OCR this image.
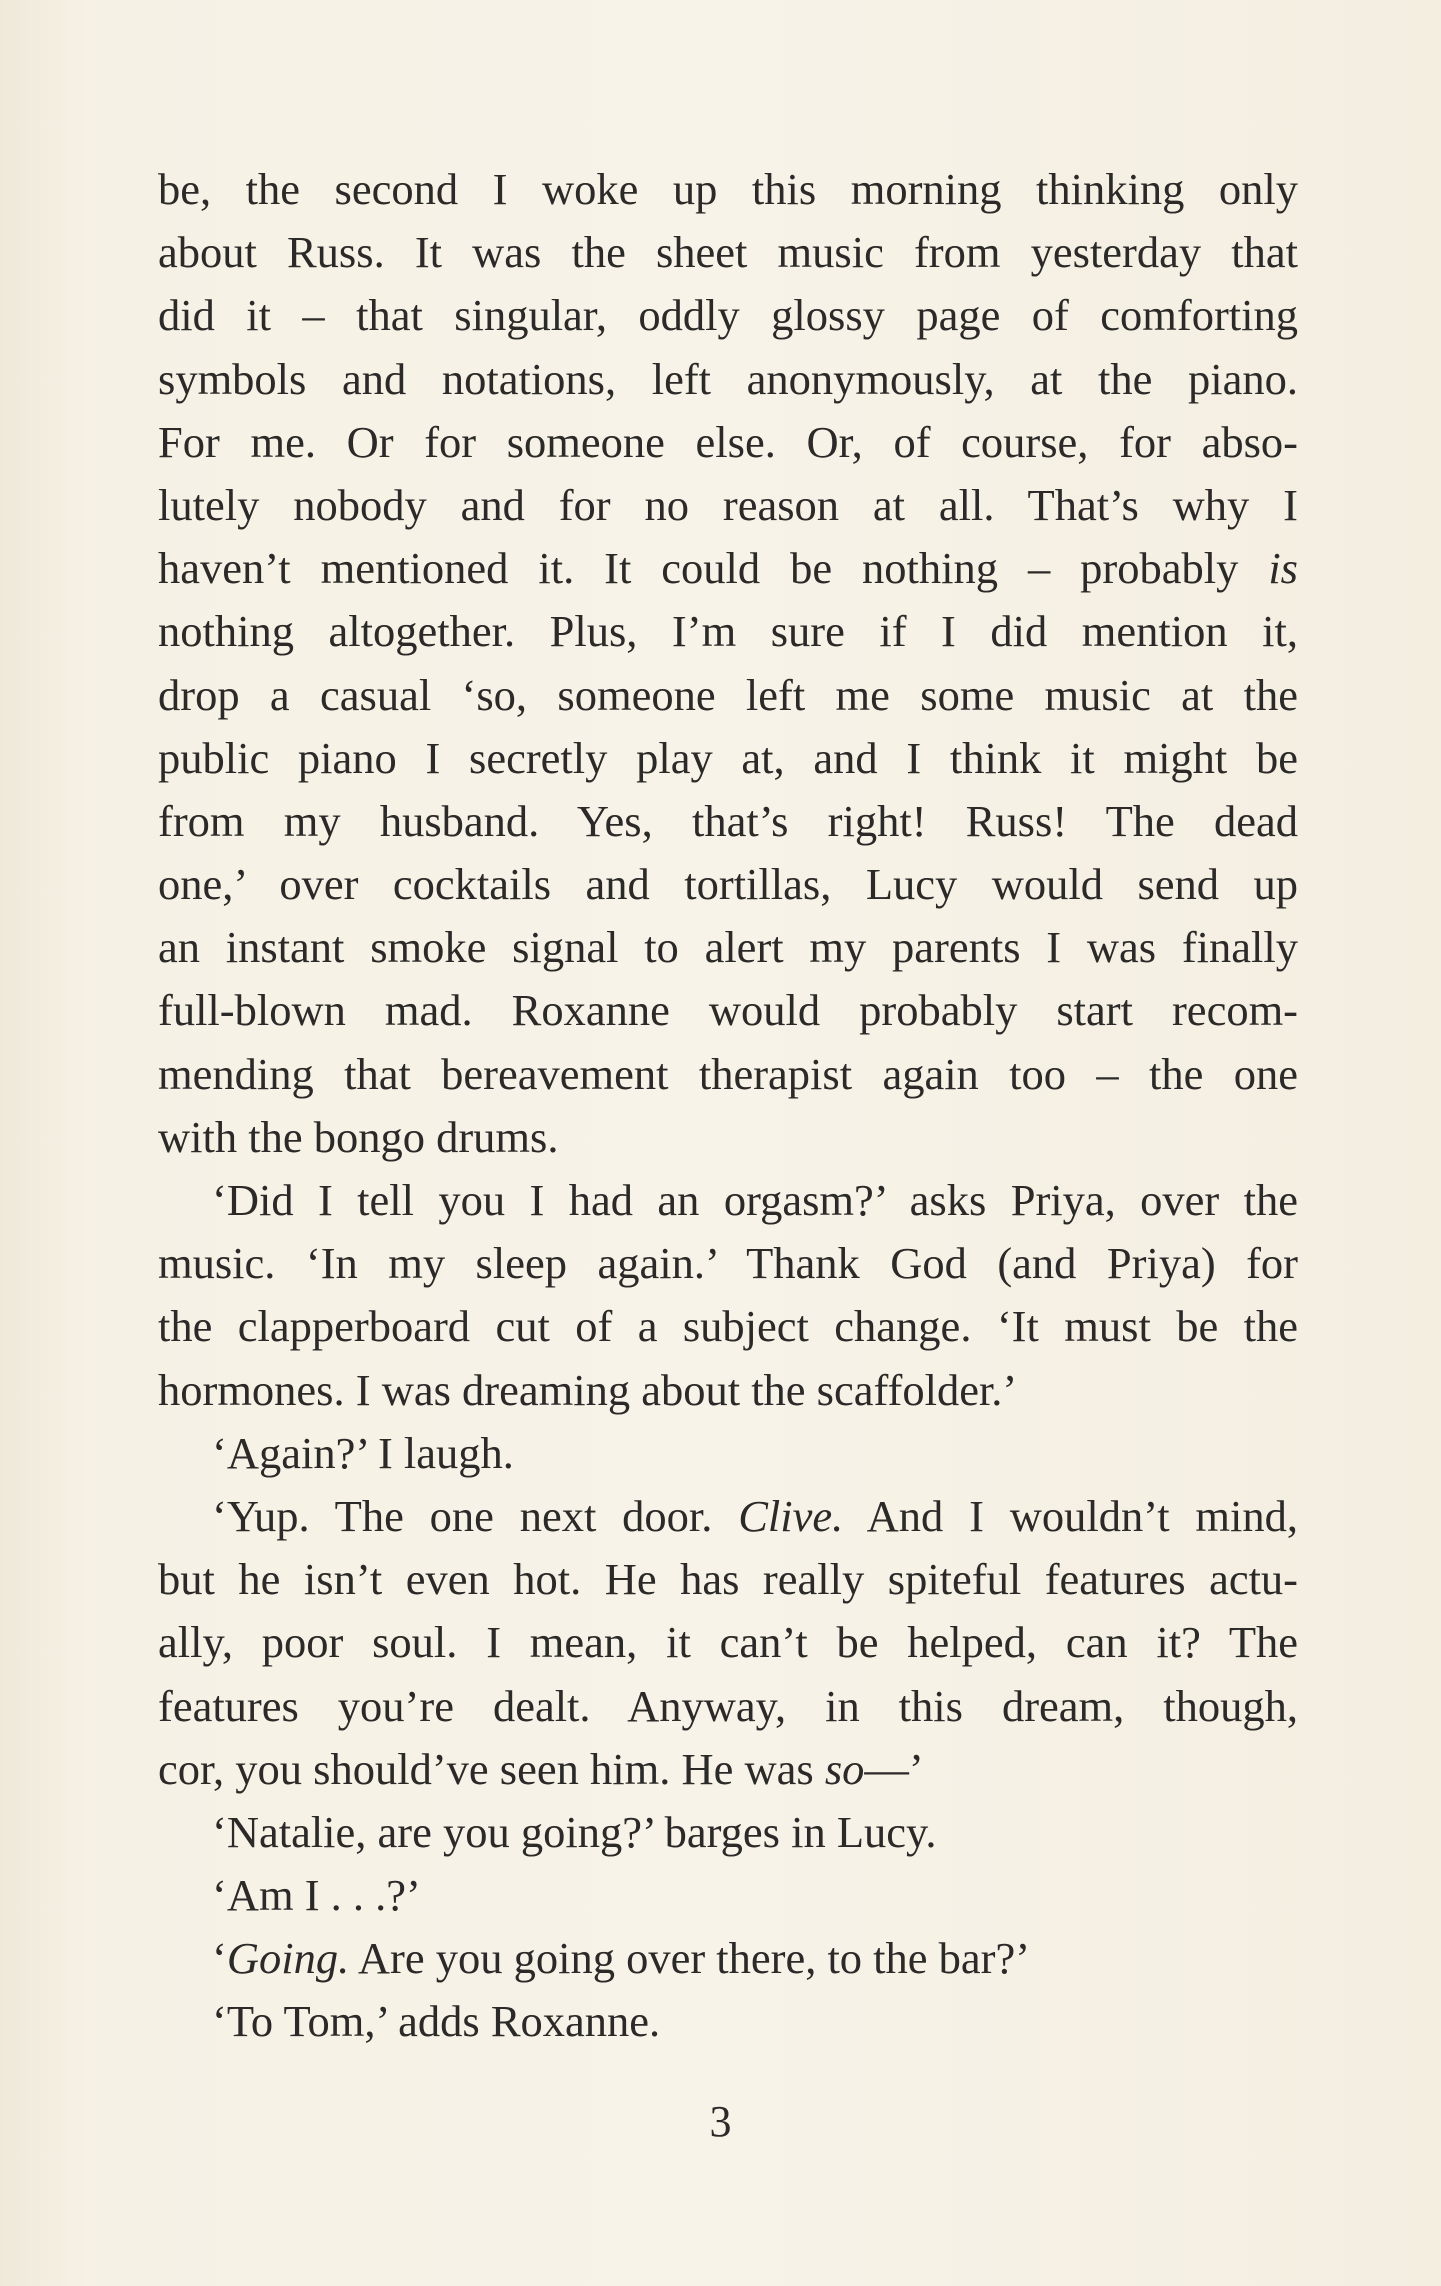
be, the second I woke up this morning thinking only
about Russ. It was the sheet music from yesterday that
did it – that singular, oddly glossy page of comforting
symbols and notations, left anonymously, at the piano.
For me. Or for someone else. Or, of course, for abso-
lutely nobody and for no reason at all. That’s why I
haven’t mentioned it. It could be nothing – probably is
nothing altogether. Plus, I’m sure if I did mention it,
drop a casual ‘so, someone left me some music at the
public piano I secretly play at, and I think it might be
from my husband. Yes, that’s right! Russ! The dead
one,’ over cocktails and tortillas, Lucy would send up
an instant smoke signal to alert my parents I was finally
full-blown mad. Roxanne would probably start recom-
mending that bereavement therapist again too – the one
with the bongo drums.
‘Did I tell you I had an orgasm?’ asks Priya, over the
music. ‘In my sleep again.’ Thank God (and Priya) for
the clapperboard cut of a subject change. ‘It must be the
hormones. I was dreaming about the scaffolder.’
‘Again?’ I laugh.
‘Yup. The one next door. Clive. And I wouldn’t mind,
but he isn’t even hot. He has really spiteful features actu-
ally, poor soul. I mean, it can’t be helped, can it? The
features you’re dealt. Anyway, in this dream, though,
cor, you should’ve seen him. He was so—’
‘Natalie, are you going?’ barges in Lucy.
‘Am I . . .?’
‘Going. Are you going over there, to the bar?’
‘To Tom,’ adds Roxanne.
3
